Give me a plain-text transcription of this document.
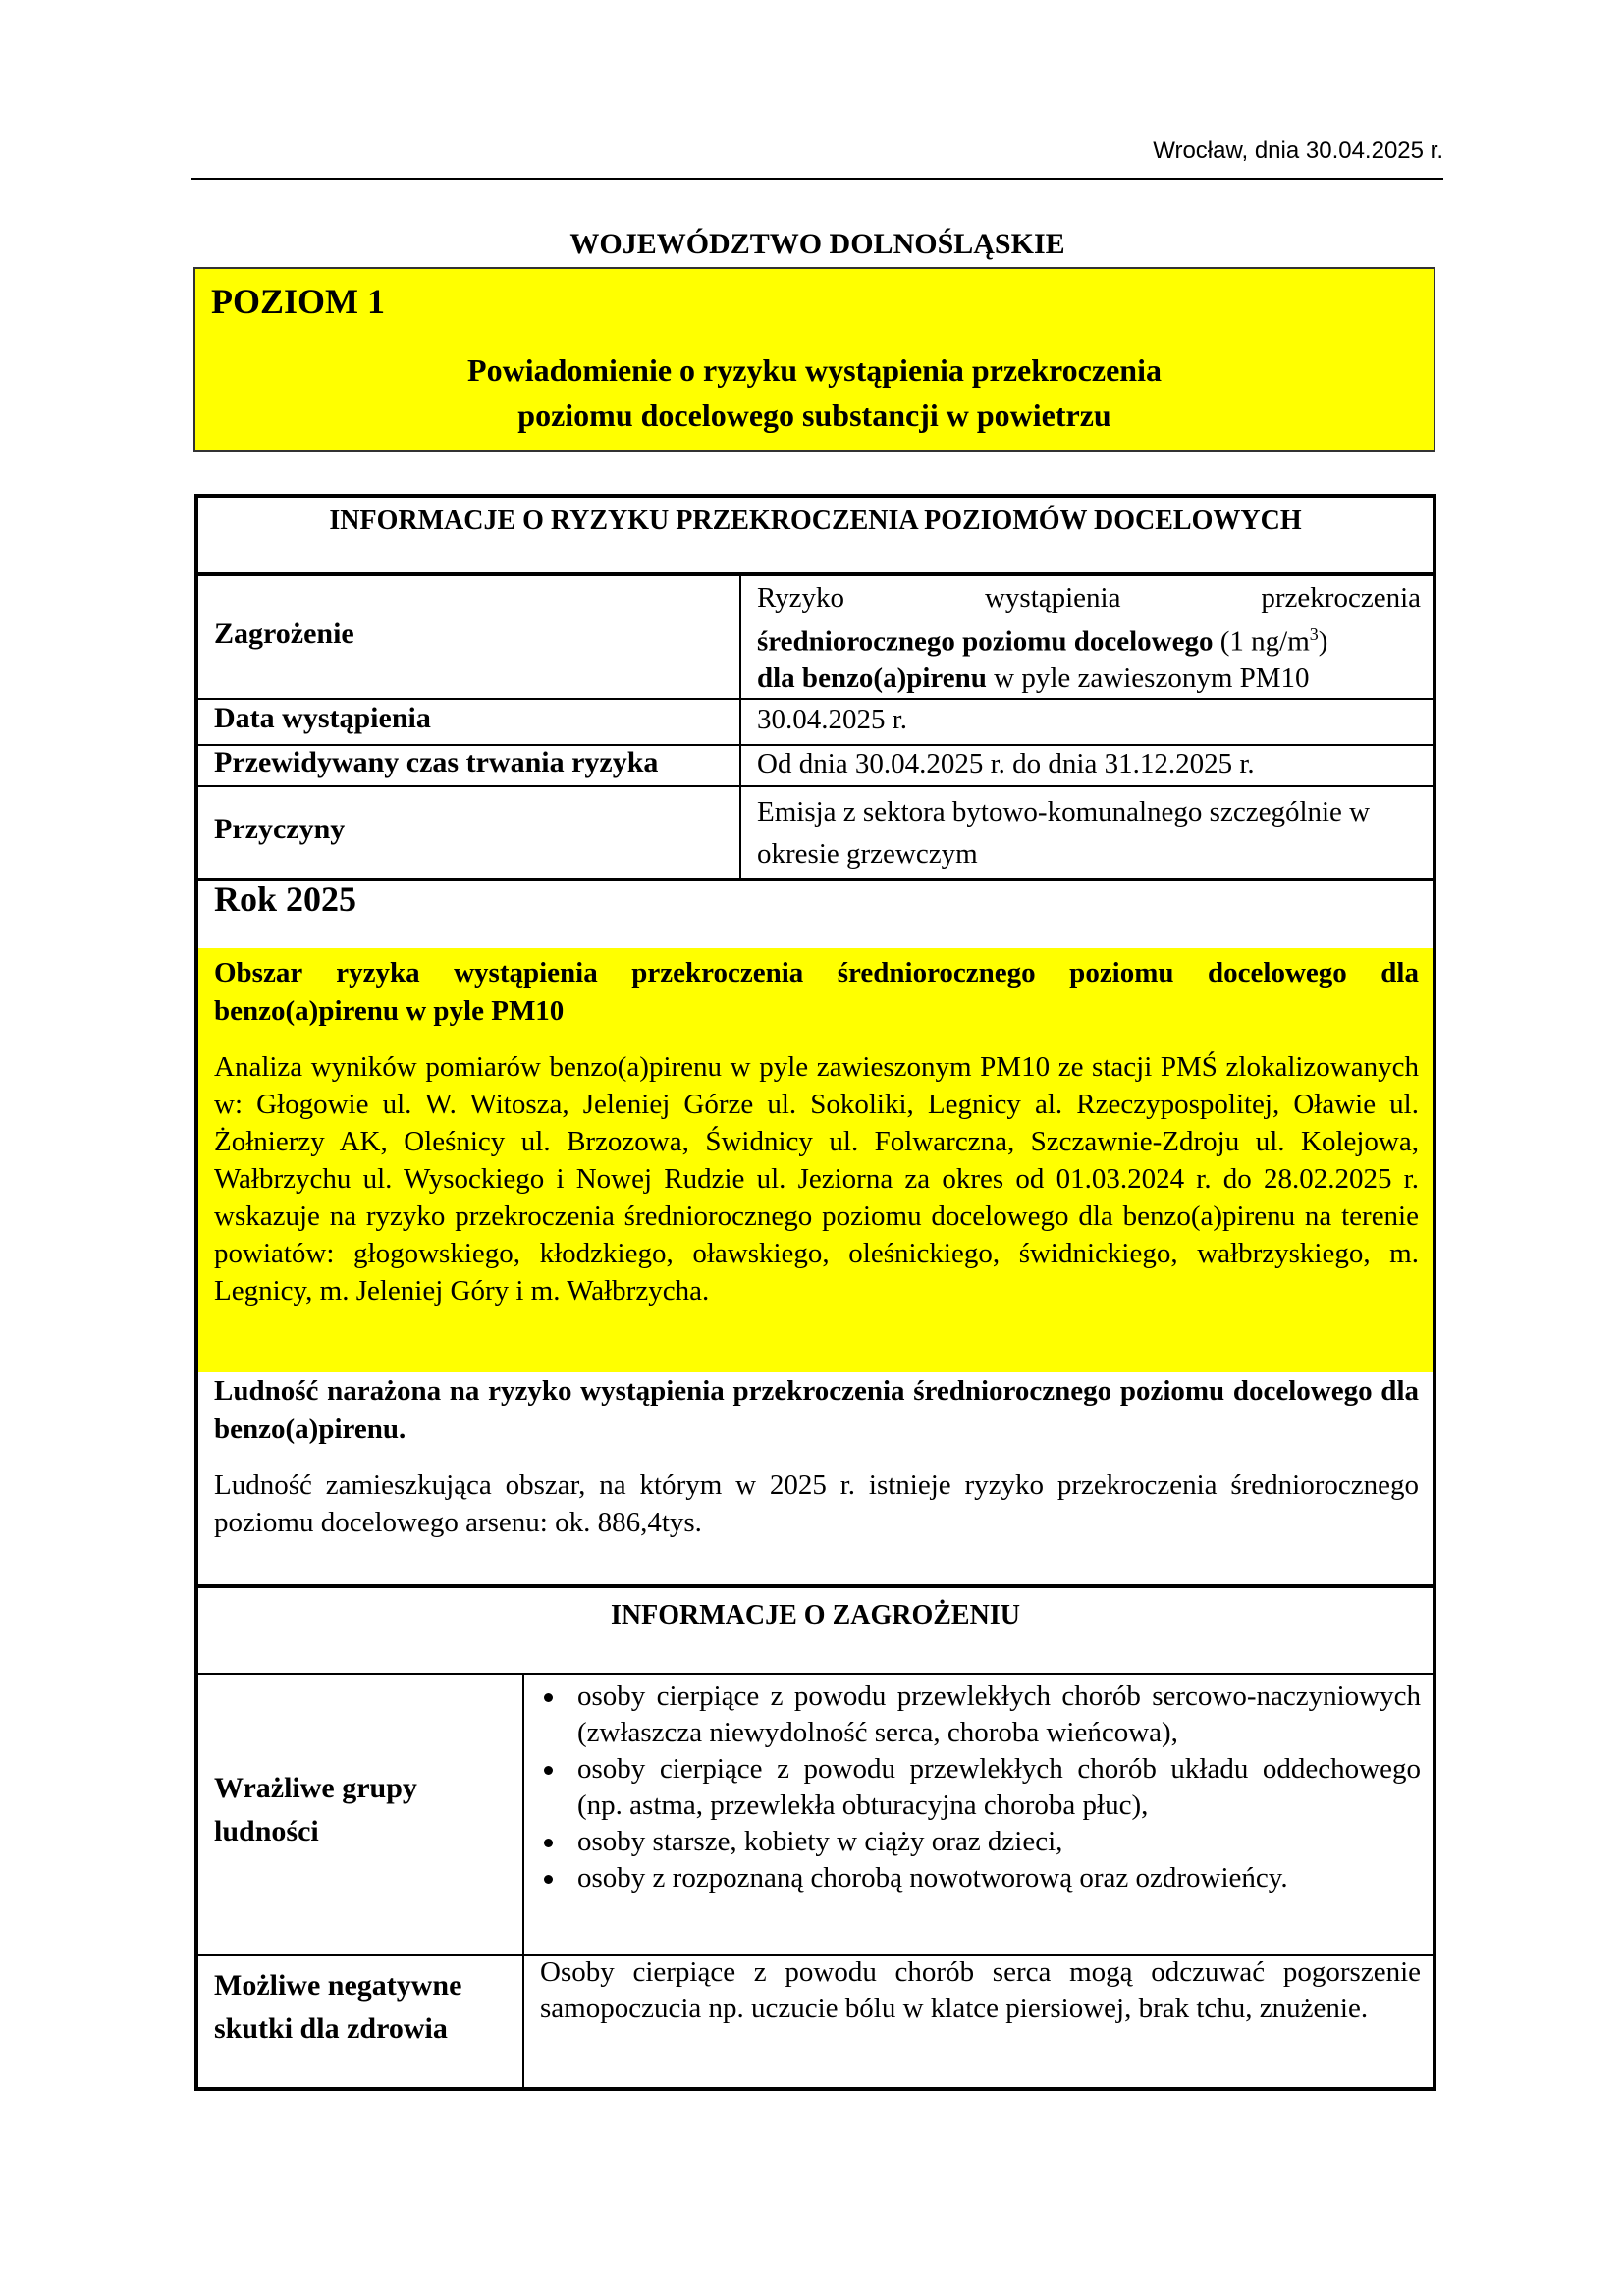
Wrocław, dnia 30.04.2025 r.
WOJEWÓDZTWO DOLNOŚLĄSKIE
POZIOM 1
Powiadomienie o ryzyku wystąpienia przekroczenia
poziomu docelowego substancji w powietrzu
INFORMACJE O RYZYKU PRZEKROCZENIA POZIOMÓW DOCELOWYCH
Zagrożenie
Ryzyko wystąpienia przekroczenia
średniorocznego poziomu docelowego (1 $ng/m^3$)
dla benzo(a)pirenu w pyle zawieszonym PM10
Data wystąpienia	30.04.2025 r.
Przewidywany czas trwania ryzyka	Od dnia 30.04.2025 r. do dnia 31.12.2025 r.
Przyczyny
Emisja z sektora bytowo-komunalnego szczególnie w okresie grzewczym
Rok 2025
Obszar ryzyka wystąpienia przekroczenia średniorocznego poziomu docelowego dla benzo(a)pirenu w pyle PM10
Analiza wyników pomiarów benzo(a)pirenu w pyle zawieszonym PM10 ze stacji PMŚ zlokalizowanych w: Głogowie ul. W. Witosza, Jeleniej Górze ul. Sokoliki, Legnicy al. Rzeczypospolitej, Oławie ul. Żołnierzy AK, Oleśnicy ul. Brzozowa, Świdnicy ul. Folwarczna, Szczawnie-Zdroju ul. Kolejowa, Wałbrzychu ul. Wysockiego i Nowej Rudzie ul. Jeziorna za okres od 01.03.2024 r. do 28.02.2025 r. wskazuje na ryzyko przekroczenia średniorocznego poziomu docelowego dla benzo(a)pirenu na terenie powiatów: głogowskiego, kłodzkiego, oławskiego, oleśnickiego, świdnickiego, wałbrzyskiego, m. Legnicy, m. Jeleniej Góry i m. Wałbrzycha.
Ludność narażona na ryzyko wystąpienia przekroczenia średniorocznego poziomu docelowego dla benzo(a)pirenu.
Ludność zamieszkująca obszar, na którym w 2025 r. istnieje ryzyko przekroczenia średniorocznego poziomu docelowego arsenu: ok. 886,4tys.
INFORMACJE O ZAGROŻENIU
Wrażliwe grupy ludności
osoby cierpiące z powodu przewlekłych chorób sercowo-naczyniowych (zwłaszcza niewydolność serca, choroba wieńcowa),
osoby cierpiące z powodu przewlekłych chorób układu oddechowego (np. astma, przewlekła obturacyjna choroba płuc),
osoby starsze, kobiety w ciąży oraz dzieci,
osoby z rozpoznaną chorobą nowotworową oraz ozdrowieńcy.
Możliwe negatywne skutki dla zdrowia
Osoby cierpiące z powodu chorób serca mogą odczuwać pogorszenie samopoczucia np. uczucie bólu w klatce piersiowej, brak tchu, znużenie.
